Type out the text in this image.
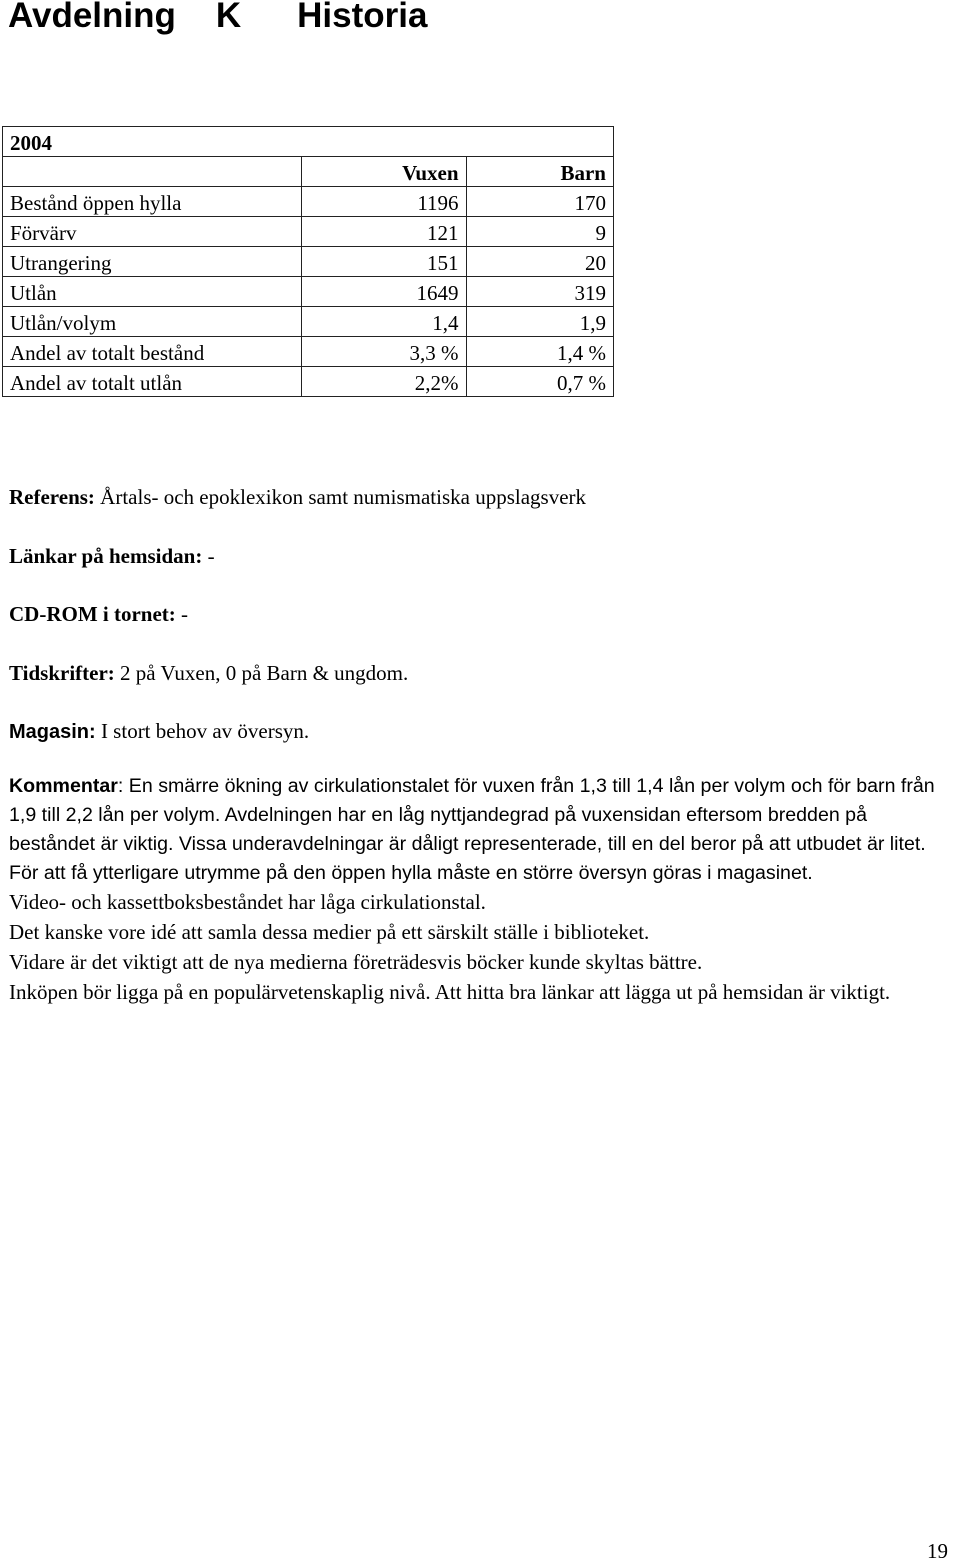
Avdelning K Historia
2004		
	Vuxen	Barn
Bestånd öppen hylla	1196	170
Förvärv	121	9
Utrangering	151	20
Utlån	1649	319
Utlån/volym	1,4	1,9
Andel av totalt bestånd	3,3 %	1,4 %
Andel av totalt utlån	2,2%	0,7 %
Referens: Årtals- och epoklexikon samt numismatiska uppslagsverk
Länkar på hemsidan: -
CD-ROM i tornet: -
Tidskrifter: 2 på Vuxen, 0 på Barn & ungdom.
Magasin: I stort behov av översyn.

Kommentar: En smärre ökning av cirkulationstalet för vuxen från 1,3 till 1,4 lån per volym och för barn från 1,9 till 2,2 lån per volym. Avdelningen har en låg nyttjandegrad på vuxensidan eftersom bredden på beståndet är viktig. Vissa underavdelningar är dåligt representerade, till en del beror på att utbudet är litet. För att få ytterligare utrymme på den öppen hylla måste en större översyn göras i magasinet.
Video- och kassettboksbeståndet har låga cirkulationstal.
Det kanske vore idé att samla dessa medier på ett särskilt ställe i biblioteket.
Vidare är det viktigt att de nya medierna företrädesvis böcker kunde skyltas bättre.
Inköpen bör ligga på en populärvetenskaplig nivå. Att hitta bra länkar att lägga ut på hemsidan är viktigt.

19
